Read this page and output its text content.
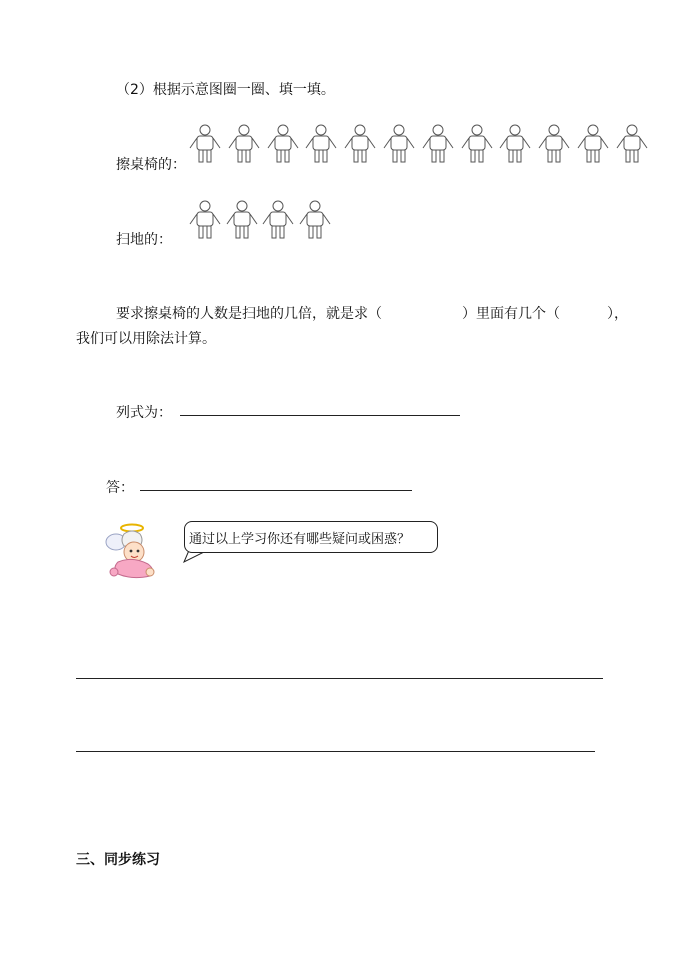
（2）根据示意图圈一圈、填一填。
擦桌椅的：
扫地的：
要求擦桌椅的人数是扫地的几倍，就是求（	）里面有几个（	），
我们可以用除法计算。
列式为：
答：
通过以上学习你还有哪些疑问或困惑？
三、同步练习
